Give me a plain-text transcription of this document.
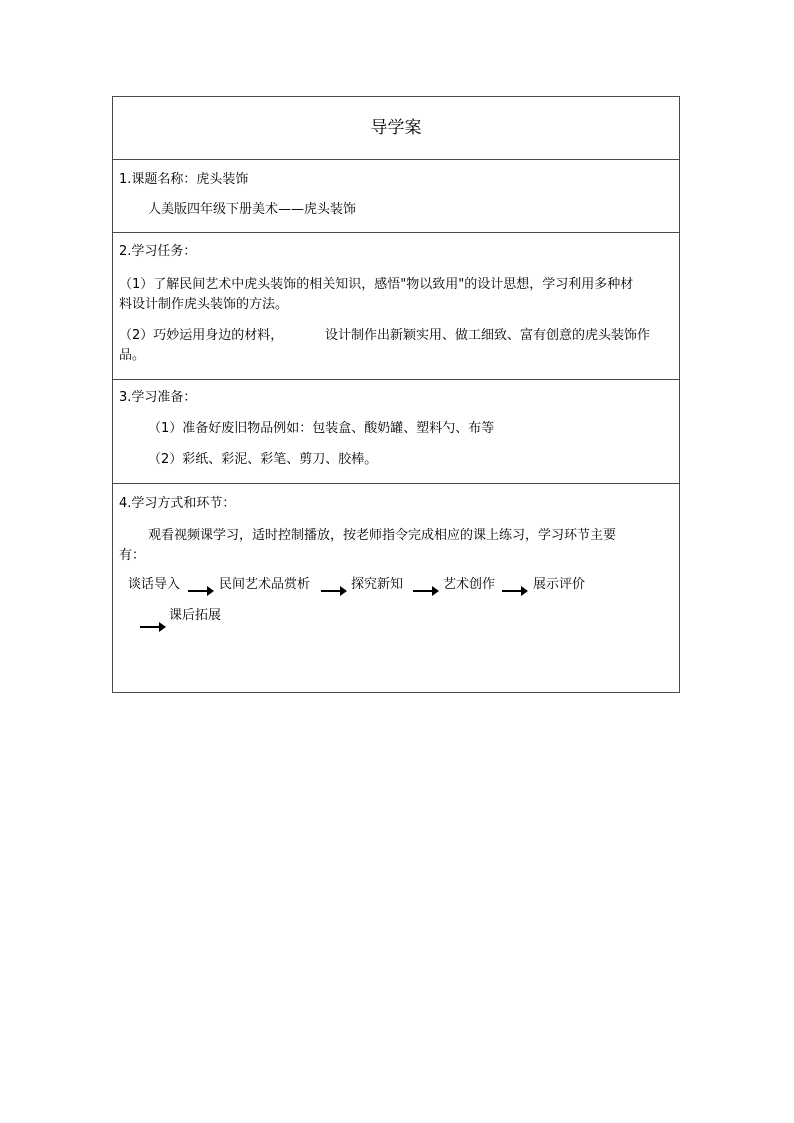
导学案
1.课题名称：虎头装饰
人美版四年级下册美术——虎头装饰
2.学习任务：
（1）了解民间艺术中虎头装饰的相关知识，感悟"物以致用"的设计思想，学习利用多种材
料设计制作虎头装饰的方法。
（2）巧妙运用身边的材料，	设计制作出新颖实用、做工细致、富有创意的虎头装饰作
品。
3.学习准备：
（1）准备好废旧物品例如：包装盒、酸奶罐、塑料勺、布等
（2）彩纸、彩泥、彩笔、剪刀、胶棒。
4.学习方式和环节：
观看视频课学习，适时控制播放，按老师指令完成相应的课上练习，学习环节主要
有：
谈话导入	民间艺术品赏析	探究新知	艺术创作	展示评价
课后拓展
